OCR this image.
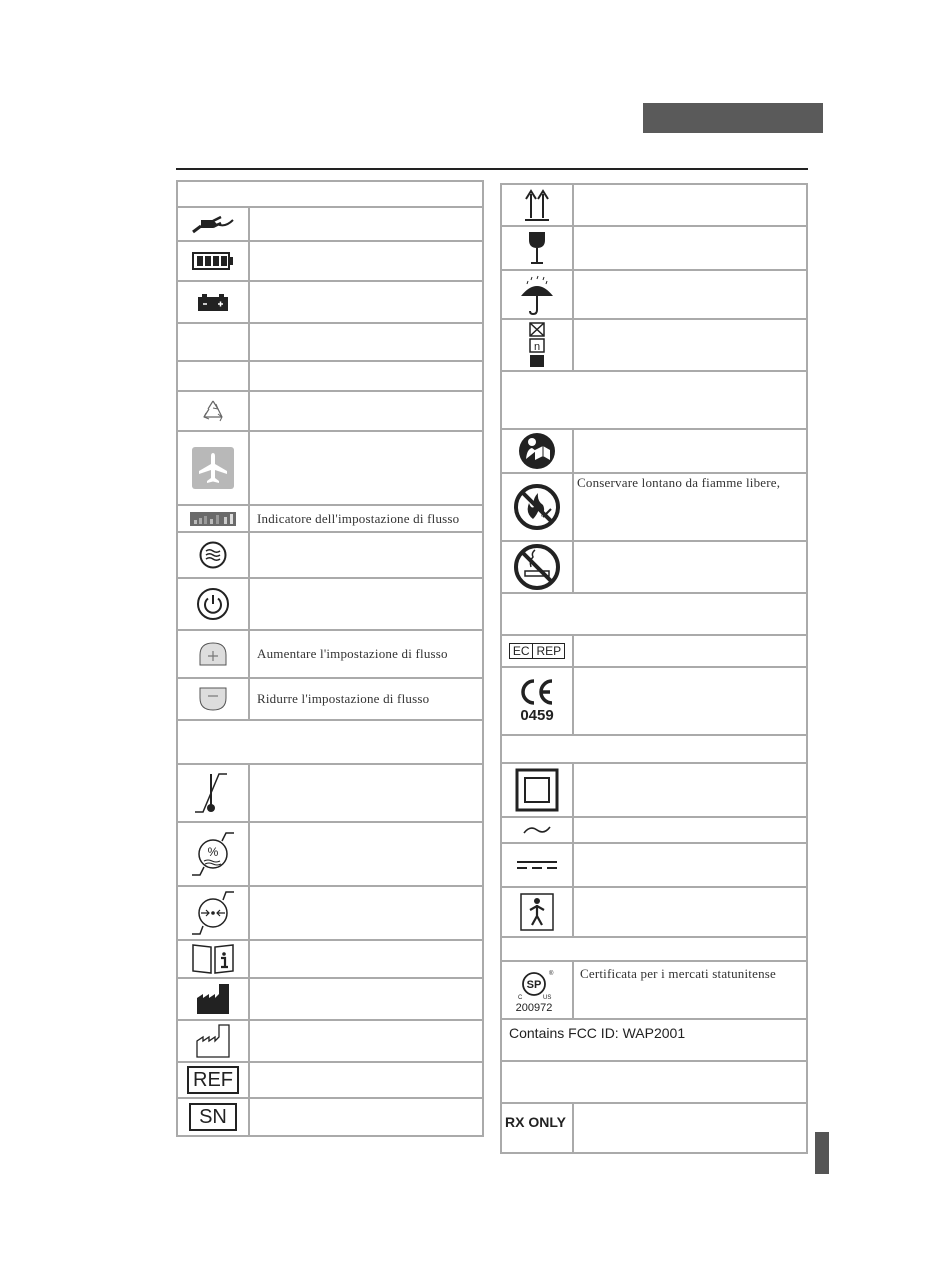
Indicatore dell'impostazione di flusso
Aumentare l'impostazione di flusso
Ridurre l'impostazione di flusso
%
REF
SN
n
Conservare lontano da fiamme libere,
EC REP
0459
SP
®
C	US
200972
Certificata per i mercati statunitense
Contains FCC ID: WAP2001
RX ONLY
